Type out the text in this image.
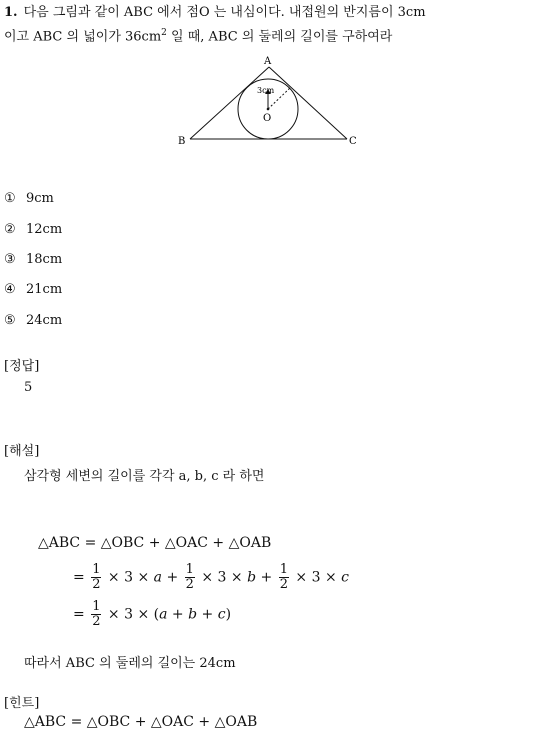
1. 다음 그림과 같이 ABC 에서 점O 는 내심이다. 내접원의 반지름이 3cm
이고 ABC 의 넓이가 $36cm^2$ 일 때, ABC 의 둘레의 길이를 구하여라
A
B	C
O
3cm
① 9cm
② 12cm
③ 18cm
④ 21cm
⑤ 24cm
[정답]
5
[해설]
삼각형 세변의 길이를 각각 a, b, c 라 하면
△ABC = △OBC + △OAC + △OAB
= $\frac{1}{2} \times 3 \times a + \frac{1}{2} \times 3 \times b + \frac{1}{2} \times 3 \times c$
= $\frac{1}{2} \times 3 \times (a + b + c)$
따라서 ABC 의 둘레의 길이는 24cm
[힌트]
△ABC = △OBC + △OAC + △OAB
